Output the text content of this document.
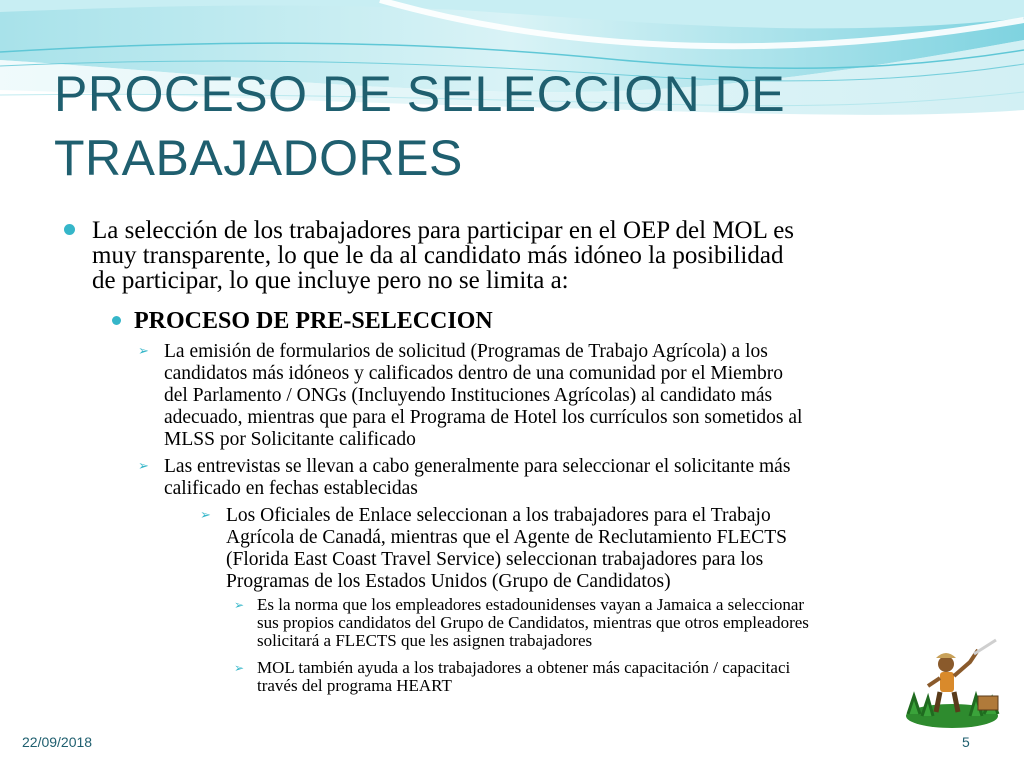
PROCESO DE SELECCION DE
TRABAJADORES
La selección de los trabajadores para participar en el OEP del MOL es
muy transparente, lo que le da al candidato más idóneo la posibilidad
de participar, lo que incluye pero no se limita a:
PROCESO DE PRE-SELECCION
➢ La emisión de formularios de solicitud (Programas de Trabajo Agrícola) a los
candidatos más idóneos y calificados dentro de una comunidad por el Miembro
del Parlamento / ONGs (Incluyendo Instituciones Agrícolas) al candidato más
adecuado, mientras que para el Programa de Hotel los currículos son sometidos al
MLSS por Solicitante calificado
➢ Las entrevistas se llevan a cabo generalmente para seleccionar el solicitante más
calificado en fechas establecidas
➢ Los Oficiales de Enlace seleccionan a los trabajadores para el Trabajo
Agrícola de Canadá, mientras que el Agente de Reclutamiento FLECTS
(Florida East Coast Travel Service) seleccionan trabajadores para los
Programas de los Estados Unidos (Grupo de Candidatos)
➢ Es la norma que los empleadores estadounidenses vayan a Jamaica a seleccionar
sus propios candidatos del Grupo de Candidatos, mientras que otros empleadores
solicitará a FLECTS que les asignen trabajadores
➢ MOL también ayuda a los trabajadores a obtener más capacitación / capacitaci
través del programa HEART
22/09/2018	5
